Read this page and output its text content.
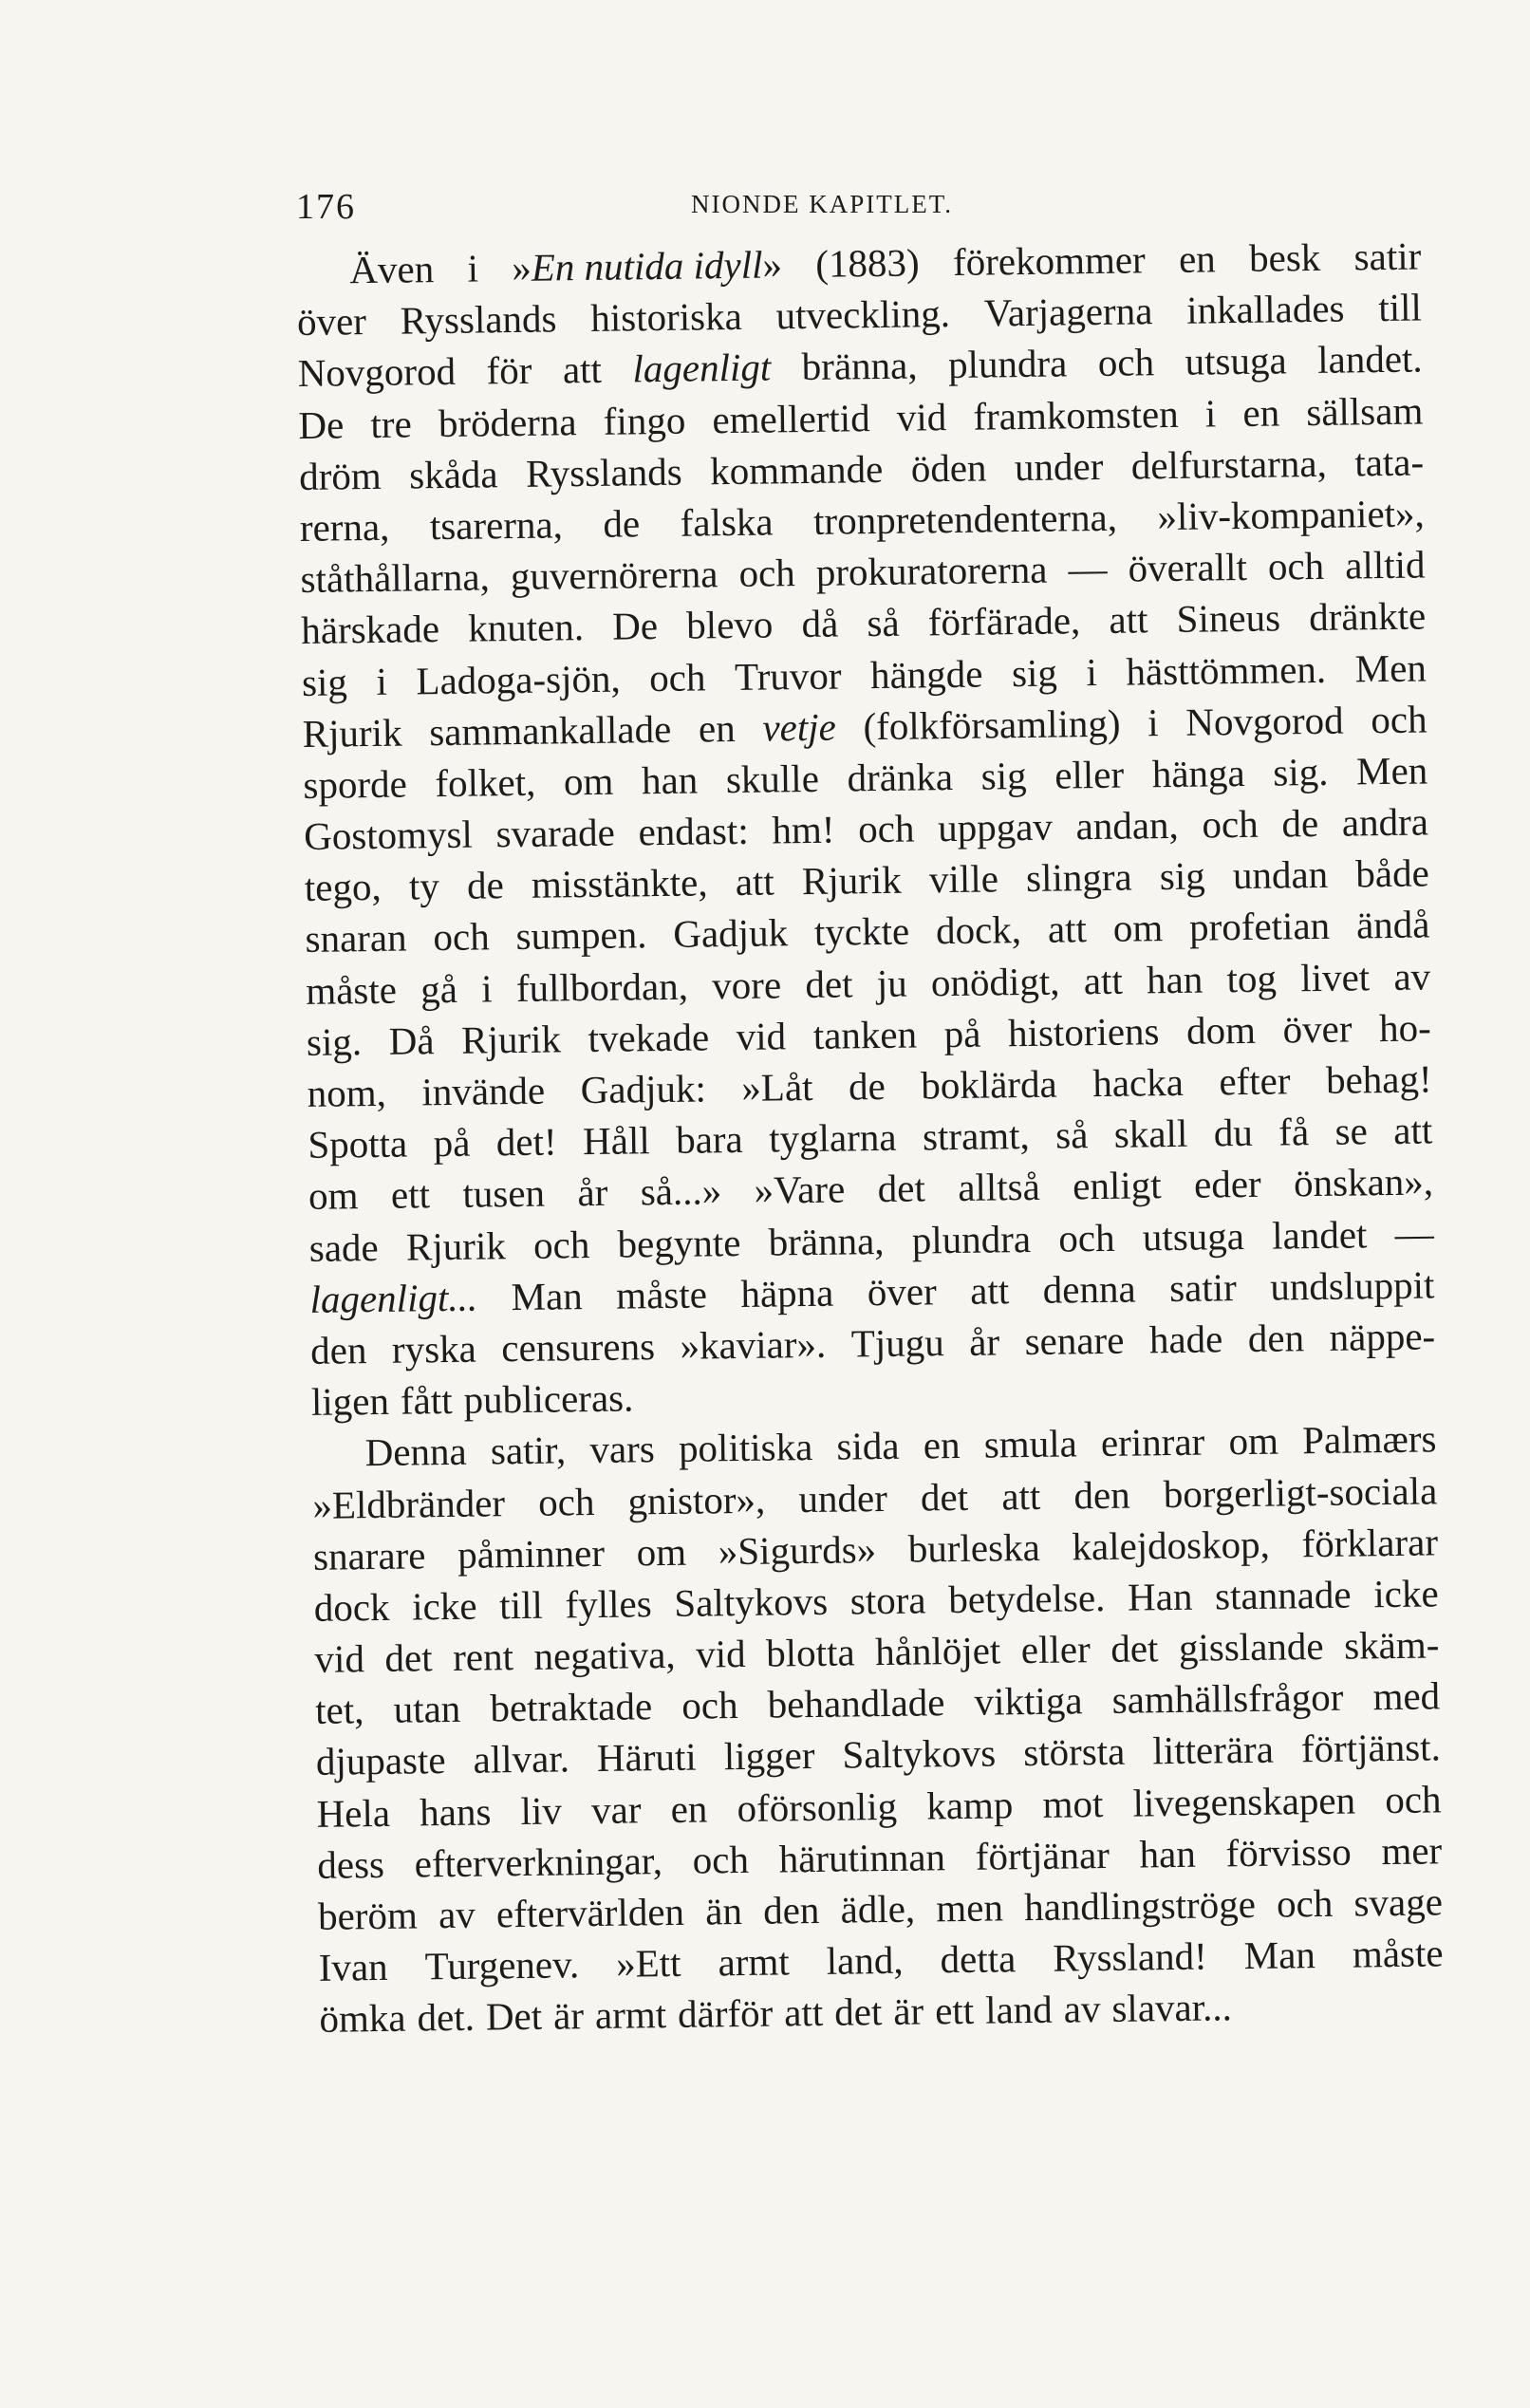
176	NIONDE KAPITLET.
Även i »En nutida idyll» (1883) förekommer en besk satir
över Rysslands historiska utveckling. Varjagerna inkallades till
Novgorod för att lagenligt bränna, plundra och utsuga landet.
De tre bröderna fingo emellertid vid framkomsten i en sällsam
dröm skåda Rysslands kommande öden under delfurstarna, tata-
rerna, tsarerna, de falska tronpretendenterna, »liv-kompaniet»,
ståthållarna, guvernörerna och prokuratorerna — överallt och alltid
härskade knuten. De blevo då så förfärade, att Sineus dränkte
sig i Ladoga-sjön, och Truvor hängde sig i hästtömmen. Men
Rjurik sammankallade en vetje (folkförsamling) i Novgorod och
sporde folket, om han skulle dränka sig eller hänga sig. Men
Gostomysl svarade endast: hm! och uppgav andan, och de andra
tego, ty de misstänkte, att Rjurik ville slingra sig undan både
snaran och sumpen. Gadjuk tyckte dock, att om profetian ändå
måste gå i fullbordan, vore det ju onödigt, att han tog livet av
sig. Då Rjurik tvekade vid tanken på historiens dom över ho-
nom, invände Gadjuk: »Låt de boklärda hacka efter behag!
Spotta på det! Håll bara tyglarna stramt, så skall du få se att
om ett tusen år så...» »Vare det alltså enligt eder önskan»,
sade Rjurik och begynte bränna, plundra och utsuga landet —
lagenligt... Man måste häpna över att denna satir undsluppit
den ryska censurens »kaviar». Tjugu år senare hade den näppe-
ligen fått publiceras.
Denna satir, vars politiska sida en smula erinrar om Palmærs
»Eldbränder och gnistor», under det att den borgerligt-sociala
snarare påminner om »Sigurds» burleska kalejdoskop, förklarar
dock icke till fylles Saltykovs stora betydelse. Han stannade icke
vid det rent negativa, vid blotta hånlöjet eller det gisslande skäm-
tet, utan betraktade och behandlade viktiga samhällsfrågor med
djupaste allvar. Häruti ligger Saltykovs största litterära förtjänst.
Hela hans liv var en oförsonlig kamp mot livegenskapen och
dess efterverkningar, och härutinnan förtjänar han förvisso mer
beröm av eftervärlden än den ädle, men handlingströge och svage
Ivan Turgenev. »Ett armt land, detta Ryssland! Man måste
ömka det. Det är armt därför att det är ett land av slavar...
